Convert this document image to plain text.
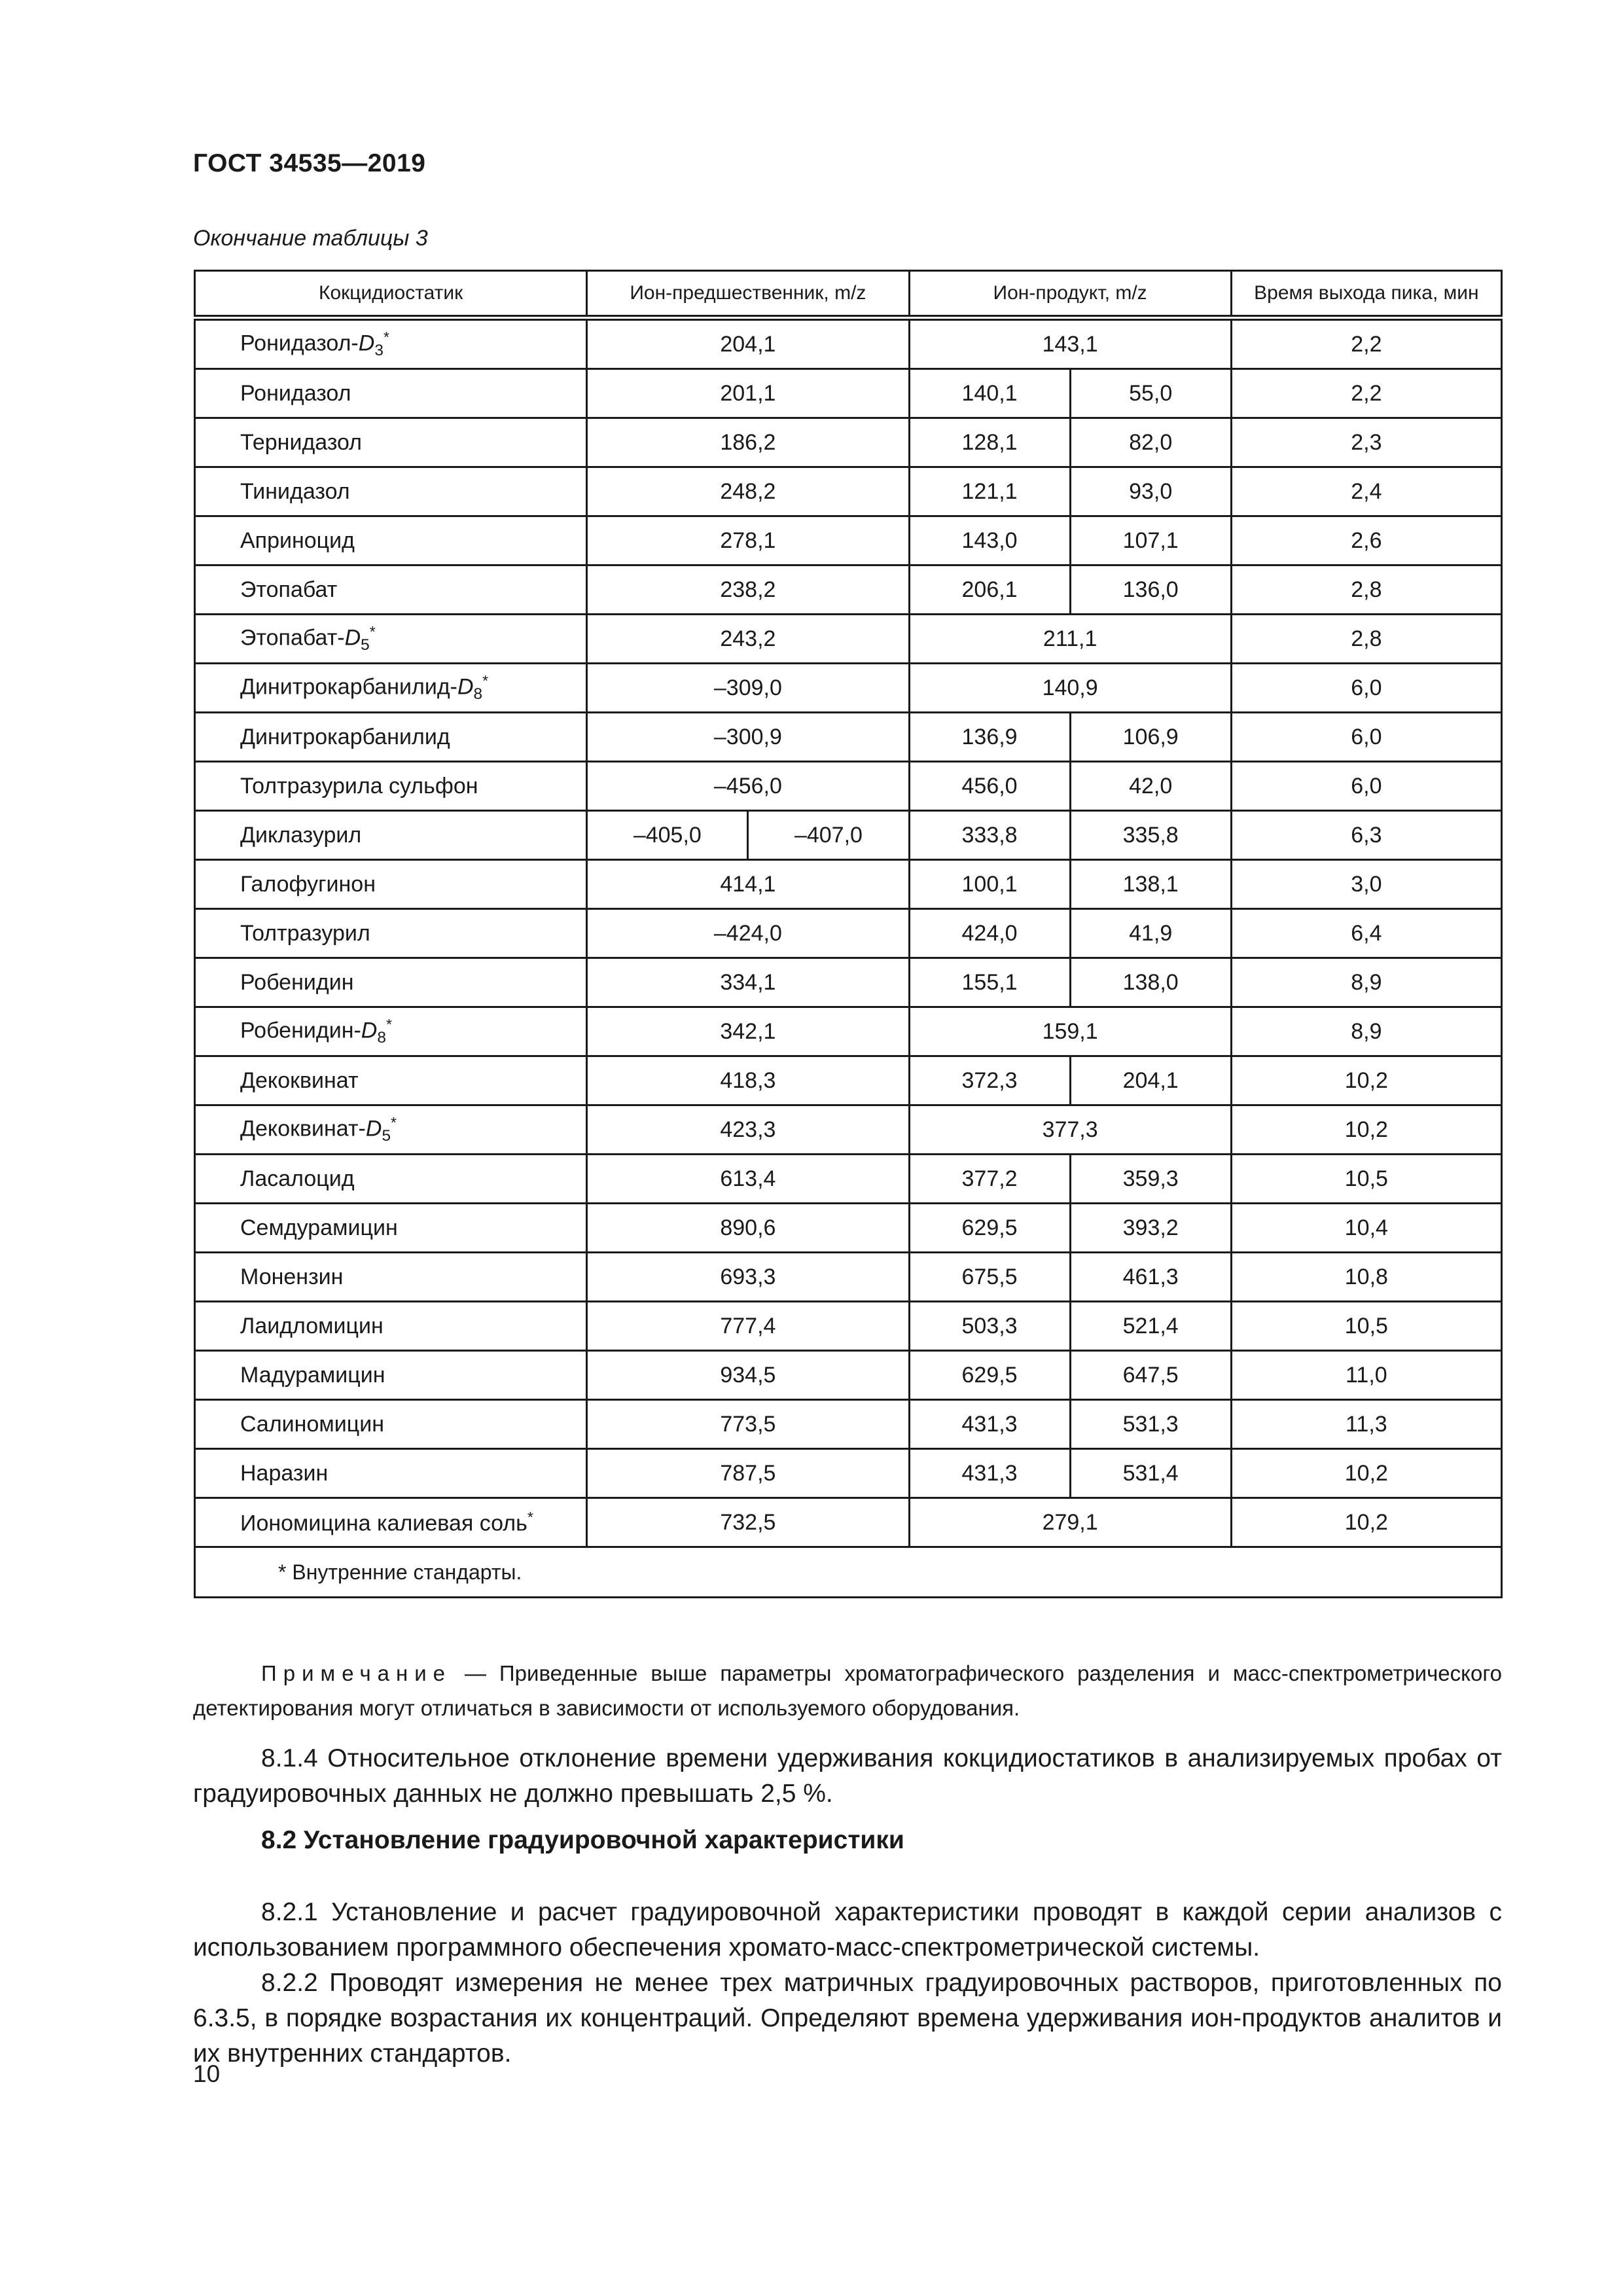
ГОСТ 34535—2019
Окончание таблицы 3
Кокцидиостатик	Ион-предшественник, m/z		Ион-продукт, m/z		Время выхода пика, мин
Ронидазол-$D_3^*$	204,1		143,1		2,2
Ронидазол	201,1		140,1	55,0	2,2
Тернидазол	186,2		128,1	82,0	2,3
Тинидазол	248,2		121,1	93,0	2,4
Априноцид	278,1		143,0	107,1	2,6
Этопабат	238,2		206,1	136,0	2,8
Этопабат-$D_5^*$	243,2		211,1		2,8
Динитрокарбанилид-$D_8^*$	–309,0		140,9		6,0
Динитрокарбанилид	–300,9		136,9	106,9	6,0
Толтразурила сульфон	–456,0		456,0	42,0	6,0
Диклазурил	–405,0	–407,0	333,8	335,8	6,3
Галофугинон	414,1		100,1	138,1	3,0
Толтразурил	–424,0		424,0	41,9	6,4
Робенидин	334,1		155,1	138,0	8,9
Робенидин-$D_8^*$	342,1		159,1		8,9
Декоквинат	418,3		372,3	204,1	10,2
Декоквинат-$D_5^*$	423,3		377,3		10,2
Ласалоцид	613,4		377,2	359,3	10,5
Семдурамицин	890,6		629,5	393,2	10,4
Монензин	693,3		675,5	461,3	10,8
Лаидломицин	777,4		503,3	521,4	10,5
Мадурамицин	934,5		629,5	647,5	11,0
Салиномицин	773,5		431,3	531,3	11,3
Наразин	787,5		431,3	531,4	10,2
Иономицина калиевая соль*	732,5		279,1		10,2
* Внутренние стандарты.					
Примечание — Приведенные выше параметры хроматографического разделения и масс-спектрометрического детектирования могут отличаться в зависимости от используемого оборудования.
8.1.4 Относительное отклонение времени удерживания кокцидиостатиков в анализируемых пробах от градуировочных данных не должно превышать 2,5 %.
8.2 Установление градуировочной характеристики
8.2.1 Установление и расчет градуировочной характеристики проводят в каждой серии анализов с использованием программного обеспечения хромато-масс-спектрометрической системы.
8.2.2 Проводят измерения не менее трех матричных градуировочных растворов, приготовленных по 6.3.5, в порядке возрастания их концентраций. Определяют времена удерживания ион-продуктов аналитов и их внутренних стандартов.
10
